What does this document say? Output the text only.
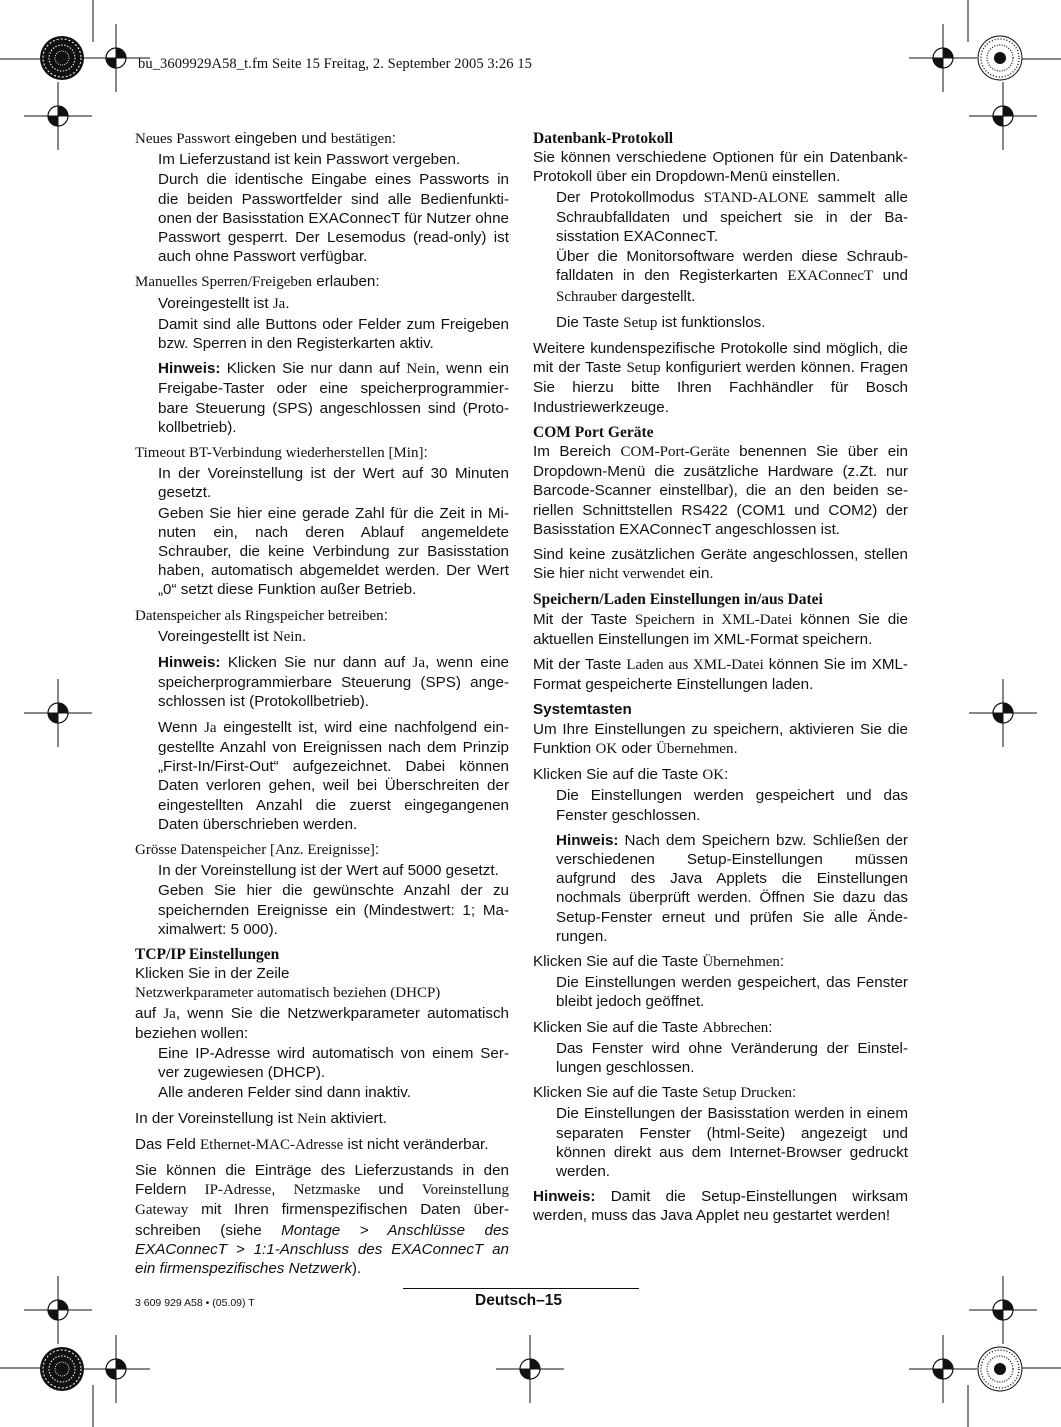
bu_3609929A58_t.fm Seite 15 Freitag, 2. September 2005 3:26 15

Neues Passwort eingeben und bestätigen:

Im Lieferzustand ist kein Passwort vergeben.

Durch die identische Eingabe eines Passworts in die beiden Passwortfelder sind alle Bedienfunktionen der Basisstation EXAConnecT für Nutzer ohne Passwort gesperrt. Der Lesemodus (read-only) ist auch ohne Passwort verfügbar.

Manuelles Sperren/Freigeben erlauben:

Voreingestellt ist Ja.

Damit sind alle Buttons oder Felder zum Freigeben bzw. Sperren in den Registerkarten aktiv.

Hinweis: Klicken Sie nur dann auf Nein, wenn ein Freigabe-Taster oder eine speicherprogrammierbare Steuerung (SPS) angeschlossen sind (Protokollbetrieb).

Timeout BT-Verbindung wiederherstellen [Min]:

In der Voreinstellung ist der Wert auf 30 Minuten gesetzt.

Geben Sie hier eine gerade Zahl für die Zeit in Minuten ein, nach deren Ablauf angemeldete Schrauber, die keine Verbindung zur Basisstation haben, automatisch abgemeldet werden. Der Wert „0“ setzt diese Funktion außer Betrieb.

Datenspeicher als Ringspeicher betreiben:

Voreingestellt ist Nein.

Hinweis: Klicken Sie nur dann auf Ja, wenn eine speicherprogrammierbare Steuerung (SPS) angeschlossen ist (Protokollbetrieb).

Wenn Ja eingestellt ist, wird eine nachfolgend eingestellte Anzahl von Ereignissen nach dem Prinzip „First-In/First-Out“ aufgezeichnet. Dabei können Daten verloren gehen, weil bei Überschreiten der eingestellten Anzahl die zuerst eingegangenen Daten überschrieben werden.

Grösse Datenspeicher [Anz. Ereignisse]:

In der Voreinstellung ist der Wert auf 5000 gesetzt.

Geben Sie hier die gewünschte Anzahl der zu speichernden Ereignisse ein (Mindestwert: 1; Maximalwert: 5 000).

TCP/IP Einstellungen

Klicken Sie in der Zeile
Netzwerkparameter automatisch beziehen (DHCP)
auf Ja, wenn Sie die Netzwerkparameter automatisch beziehen wollen:

Eine IP-Adresse wird automatisch von einem Server zugewiesen (DHCP).

Alle anderen Felder sind dann inaktiv.

In der Voreinstellung ist Nein aktiviert.

Das Feld Ethernet-MAC-Adresse ist nicht veränderbar.

Sie können die Einträge des Lieferzustands in den Feldern IP-Adresse, Netzmaske und Voreinstellung Gateway mit Ihren firmenspezifischen Daten überschreiben (siehe Montage > Anschlüsse des EXAConnecT > 1:1-Anschluss des EXAConnecT an ein firmenspezifisches Netzwerk).

Datenbank-Protokoll

Sie können verschiedene Optionen für ein Datenbank-Protokoll über ein Dropdown-Menü einstellen.

Der Protokollmodus STAND-ALONE sammelt alle Schraubfalldaten und speichert sie in der Basisstation EXAConnecT.

Über die Monitorsoftware werden diese Schraubfalldaten in den Registerkarten EXAConnecT und Schrauber dargestellt.

Die Taste Setup ist funktionslos.

Weitere kundenspezifische Protokolle sind möglich, die mit der Taste Setup konfiguriert werden können. Fragen Sie hierzu bitte Ihren Fachhändler für Bosch Industriewerkzeuge.

COM Port Geräte

Im Bereich COM-Port-Geräte benennen Sie über ein Dropdown-Menü die zusätzliche Hardware (z.Zt. nur Barcode-Scanner einstellbar), die an den beiden seriellen Schnittstellen RS422 (COM1 und COM2) der Basisstation EXAConnecT angeschlossen ist.

Sind keine zusätzlichen Geräte angeschlossen, stellen Sie hier nicht verwendet ein.

Speichern/Laden Einstellungen in/aus Datei

Mit der Taste Speichern in XML-Datei können Sie die aktuellen Einstellungen im XML-Format speichern.

Mit der Taste Laden aus XML-Datei können Sie im XML-Format gespeicherte Einstellungen laden.

Systemtasten

Um Ihre Einstellungen zu speichern, aktivieren Sie die Funktion OK oder Übernehmen.

Klicken Sie auf die Taste OK:

Die Einstellungen werden gespeichert und das Fenster geschlossen.

Hinweis: Nach dem Speichern bzw. Schließen der verschiedenen Setup-Einstellungen müssen aufgrund des Java Applets die Einstellungen nochmals überprüft werden. Öffnen Sie dazu das Setup-Fenster erneut und prüfen Sie alle Änderungen.

Klicken Sie auf die Taste Übernehmen:

Die Einstellungen werden gespeichert, das Fenster bleibt jedoch geöffnet.

Klicken Sie auf die Taste Abbrechen:

Das Fenster wird ohne Veränderung der Einstellungen geschlossen.

Klicken Sie auf die Taste Setup Drucken:

Die Einstellungen der Basisstation werden in einem separaten Fenster (html-Seite) angezeigt und können direkt aus dem Internet-Browser gedruckt werden.

Hinweis: Damit die Setup-Einstellungen wirksam werden, muss das Java Applet neu gestartet werden!

3 609 929 A58 • (05.09) T	Deutsch–15
